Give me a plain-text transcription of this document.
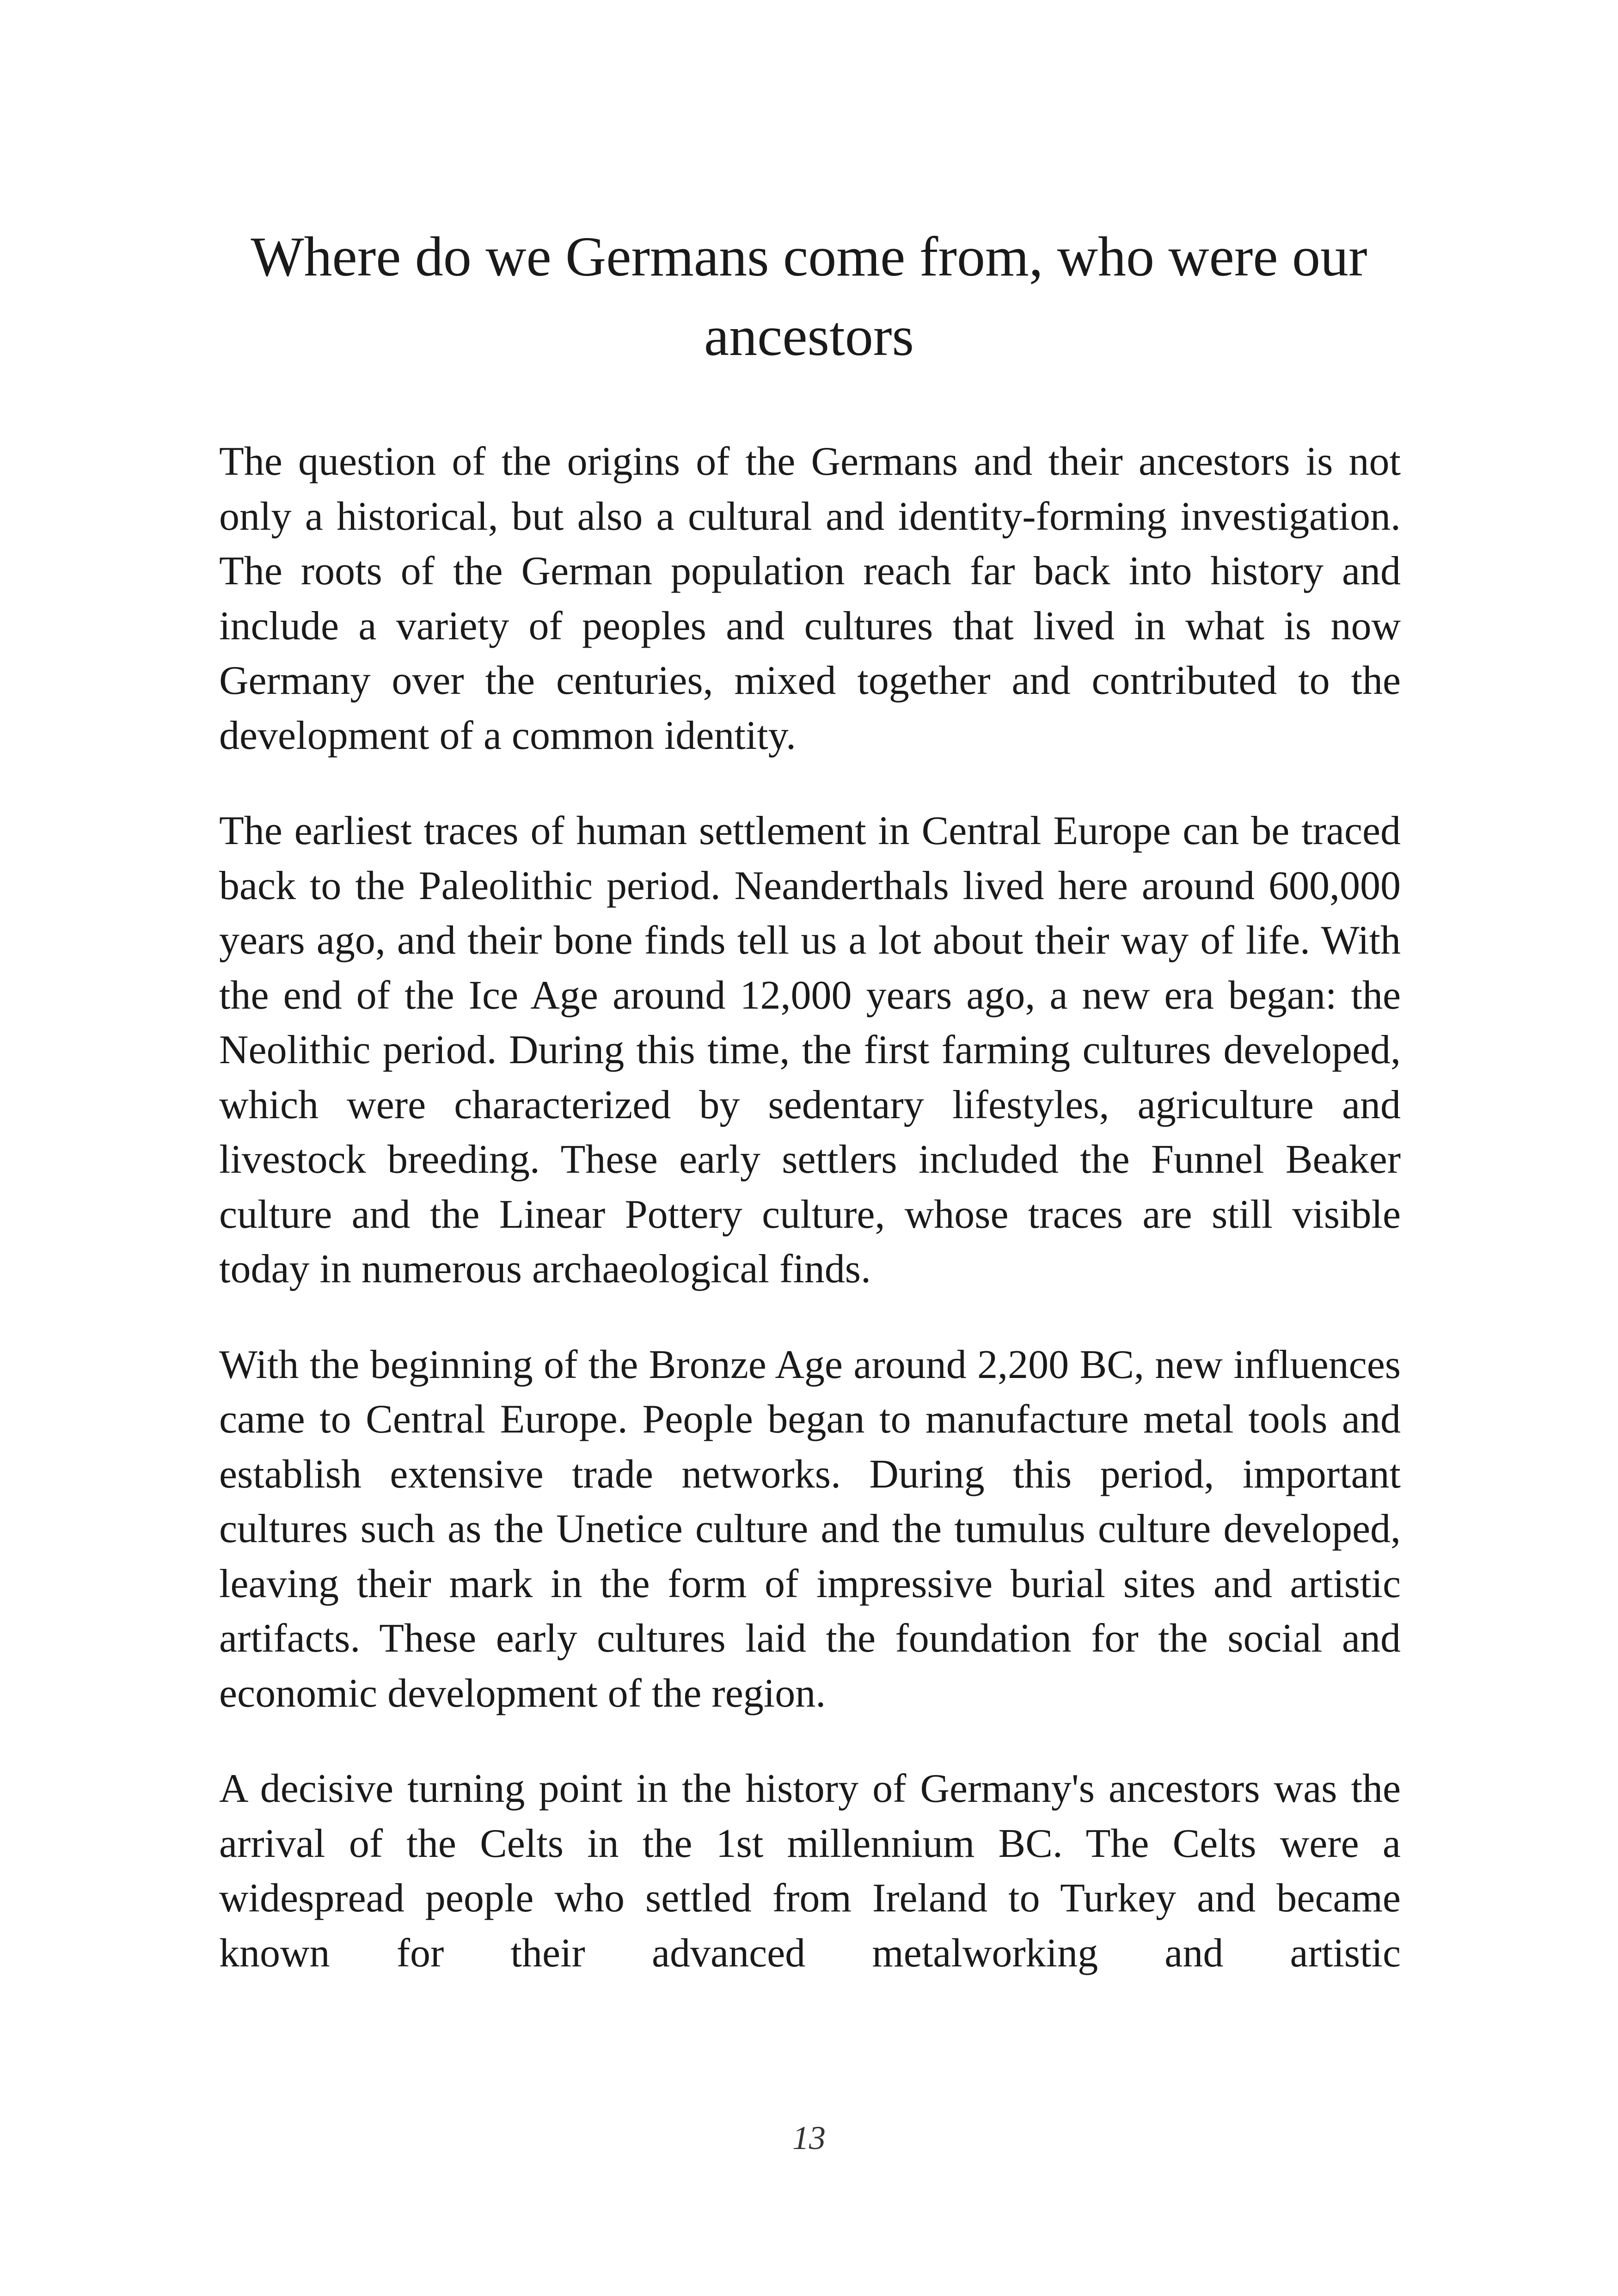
Where do we Germans come from, who were our ancestors

The question of the origins of the Germans and their ancestors is not only a historical, but also a cultural and identity-forming investigation. The roots of the German population reach far back into history and include a variety of peoples and cultures that lived in what is now Germany over the centuries, mixed together and contributed to the development of a common identity.

The earliest traces of human settlement in Central Europe can be traced back to the Paleolithic period. Neanderthals lived here around 600,000 years ago, and their bone finds tell us a lot about their way of life. With the end of the Ice Age around 12,000 years ago, a new era began: the Neolithic period. During this time, the first farming cultures developed, which were characterized by sedentary lifestyles, agriculture and livestock breeding. These early settlers included the Funnel Beaker culture and the Linear Pottery culture, whose traces are still visible today in numerous archaeological finds.

With the beginning of the Bronze Age around 2,200 BC, new influences came to Central Europe. People began to manufacture metal tools and establish extensive trade networks. During this period, important cultures such as the Unetice culture and the tumulus culture developed, leaving their mark in the form of impressive burial sites and artistic artifacts. These early cultures laid the foundation for the social and economic development of the region.

A decisive turning point in the history of Germany's ancestors was the arrival of the Celts in the 1st millennium BC. The Celts were a widespread people who settled from Ireland to Turkey and became known for their advanced metalworking and artistic

13
